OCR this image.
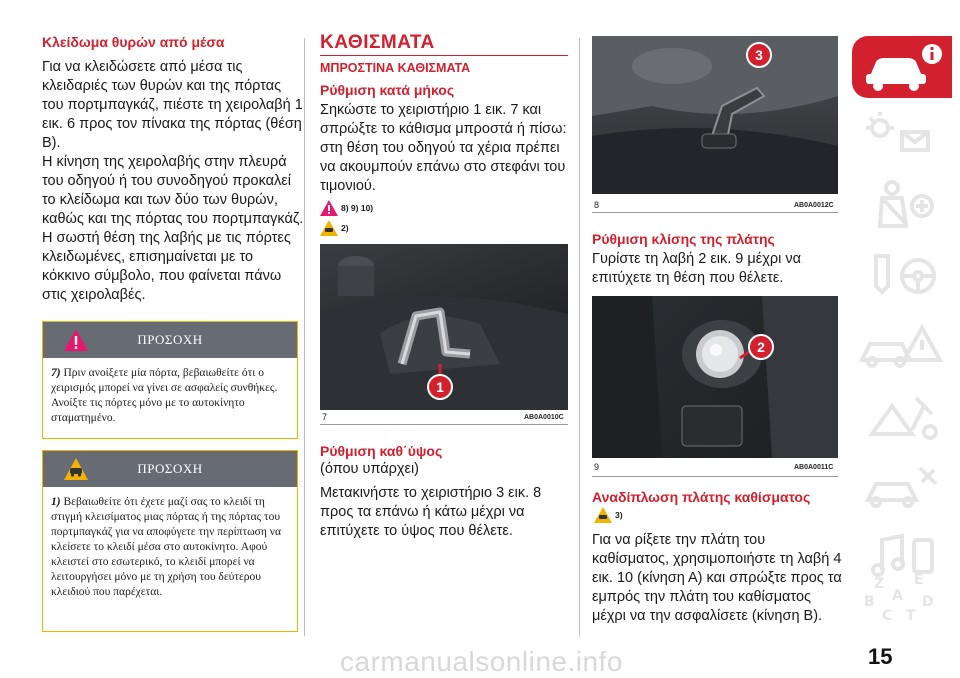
Κλείδωμα θυρών από μέσα
Για να κλειδώσετε από μέσα τις κλειδαριές των θυρών και της πόρτας του πορτμπαγκάζ, πιέστε τη χειρολαβή 1 εικ. 6 προς τον πίνακα της πόρτας (θέση Β).
Η κίνηση της χειρολαβής στην πλευρά του οδηγού ή του συνοδηγού προκαλεί το κλείδωμα και των δύο των θυρών, καθώς και της πόρτας του πορτμπαγκάζ.
Η σωστή θέση της λαβής με τις πόρτες κλειδωμένες, επισημαίνεται με το κόκκινο σύμβολο, που φαίνεται πάνω στις χειρολαβές.
ΠΡΟΣΟΧΗ
7) Πριν ανοίξετε μία πόρτα, βεβαιωθείτε ότι ο χειρισμός μπορεί να γίνει σε ασφαλείς συνθήκες. Ανοίξτε τις πόρτες μόνο με το αυτοκίνητο σταματημένο.
ΠΡΟΣΟΧΗ
1) Βεβαιωθείτε ότι έχετε μαζί σας το κλειδί τη στιγμή κλεισίματος μιας πόρτας ή της πόρτας του πορτμπαγκάζ για να αποφύγετε την περίπτωση να κλείσετε το κλειδί μέσα στο αυτοκίνητο. Αφού κλειστεί στο εσωτερικό, το κλειδί μπορεί να λειτουργήσει μόνο με τη χρήση του δεύτερου κλειδιού που παρέχεται.
ΚΑΘΙΣΜΑΤΑ
ΜΠΡΟΣΤΙΝΑ ΚΑΘΙΣΜΑΤΑ
Ρύθμιση κατά μήκος
Σηκώστε το χειριστήριο 1 εικ. 7 και σπρώξτε το κάθισμα μπροστά ή πίσω: στη θέση του οδηγού τα χέρια πρέπει να ακουμπούν επάνω στο στεφάνι του τιμονιού.
8) 9) 10)
2)
1
7	AB0A0010C
Ρύθμιση καθ΄ύψος
(όπου υπάρχει)
Μετακινήστε το χειριστήριο 3 εικ. 8 προς τα επάνω ή κάτω μέχρι να επιτύχετε το ύψος που θέλετε.
3
8	AB0A0012C
Ρύθμιση κλίσης της πλάτης
Γυρίστε τη λαβή 2 εικ. 9 μέχρι να επιτύχετε τη θέση που θέλετε.
2
9	AB0A0011C
Αναδίπλωση πλάτης καθίσματος
3)
Για να ρίξετε την πλάτη του καθίσματος, χρησιμοποιήστε τη λαβή 4 εικ. 10 (κίνηση Α) και σπρώξτε προς τα εμπρός την πλάτη του καθίσματος μέχρι να την ασφαλίσετε (κίνηση Β).
Z E
B A D
C T
15
carmanualsonline.info
